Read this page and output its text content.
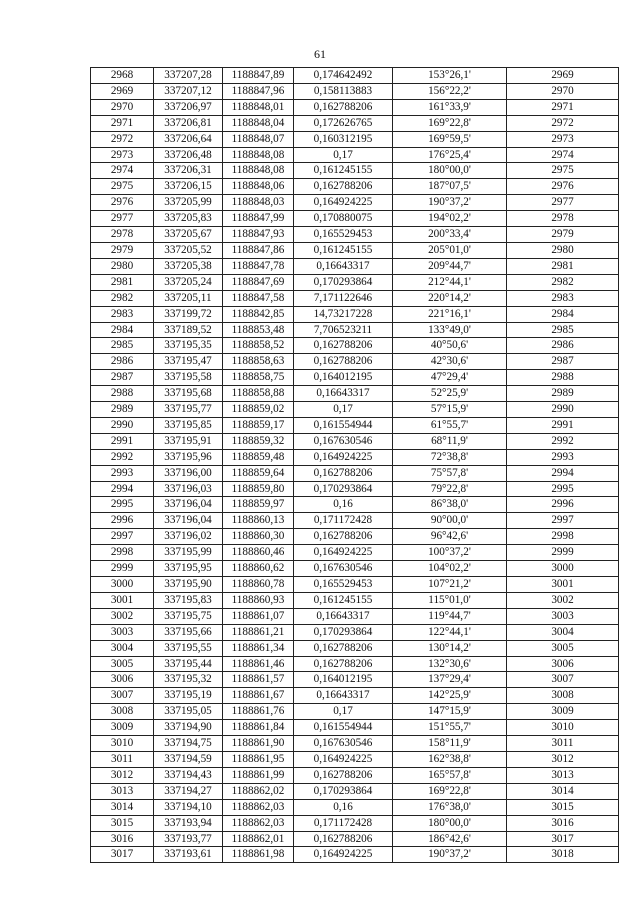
61
2968	337207,28	1188847,89	0,174642492	153°26,1'	2969
2969	337207,12	1188847,96	0,158113883	156°22,2'	2970
2970	337206,97	1188848,01	0,162788206	161°33,9'	2971
2971	337206,81	1188848,04	0,172626765	169°22,8'	2972
2972	337206,64	1188848,07	0,160312195	169°59,5'	2973
2973	337206,48	1188848,08	0,17	176°25,4'	2974
2974	337206,31	1188848,08	0,161245155	180°00,0'	2975
2975	337206,15	1188848,06	0,162788206	187°07,5'	2976
2976	337205,99	1188848,03	0,164924225	190°37,2'	2977
2977	337205,83	1188847,99	0,170880075	194°02,2'	2978
2978	337205,67	1188847,93	0,165529453	200°33,4'	2979
2979	337205,52	1188847,86	0,161245155	205°01,0'	2980
2980	337205,38	1188847,78	0,16643317	209°44,7'	2981
2981	337205,24	1188847,69	0,170293864	212°44,1'	2982
2982	337205,11	1188847,58	7,171122646	220°14,2'	2983
2983	337199,72	1188842,85	14,73217228	221°16,1'	2984
2984	337189,52	1188853,48	7,706523211	133°49,0'	2985
2985	337195,35	1188858,52	0,162788206	40°50,6'	2986
2986	337195,47	1188858,63	0,162788206	42°30,6'	2987
2987	337195,58	1188858,75	0,164012195	47°29,4'	2988
2988	337195,68	1188858,88	0,16643317	52°25,9'	2989
2989	337195,77	1188859,02	0,17	57°15,9'	2990
2990	337195,85	1188859,17	0,161554944	61°55,7'	2991
2991	337195,91	1188859,32	0,167630546	68°11,9'	2992
2992	337195,96	1188859,48	0,164924225	72°38,8'	2993
2993	337196,00	1188859,64	0,162788206	75°57,8'	2994
2994	337196,03	1188859,80	0,170293864	79°22,8'	2995
2995	337196,04	1188859,97	0,16	86°38,0'	2996
2996	337196,04	1188860,13	0,171172428	90°00,0'	2997
2997	337196,02	1188860,30	0,162788206	96°42,6'	2998
2998	337195,99	1188860,46	0,164924225	100°37,2'	2999
2999	337195,95	1188860,62	0,167630546	104°02,2'	3000
3000	337195,90	1188860,78	0,165529453	107°21,2'	3001
3001	337195,83	1188860,93	0,161245155	115°01,0'	3002
3002	337195,75	1188861,07	0,16643317	119°44,7'	3003
3003	337195,66	1188861,21	0,170293864	122°44,1'	3004
3004	337195,55	1188861,34	0,162788206	130°14,2'	3005
3005	337195,44	1188861,46	0,162788206	132°30,6'	3006
3006	337195,32	1188861,57	0,164012195	137°29,4'	3007
3007	337195,19	1188861,67	0,16643317	142°25,9'	3008
3008	337195,05	1188861,76	0,17	147°15,9'	3009
3009	337194,90	1188861,84	0,161554944	151°55,7'	3010
3010	337194,75	1188861,90	0,167630546	158°11,9'	3011
3011	337194,59	1188861,95	0,164924225	162°38,8'	3012
3012	337194,43	1188861,99	0,162788206	165°57,8'	3013
3013	337194,27	1188862,02	0,170293864	169°22,8'	3014
3014	337194,10	1188862,03	0,16	176°38,0'	3015
3015	337193,94	1188862,03	0,171172428	180°00,0'	3016
3016	337193,77	1188862,01	0,162788206	186°42,6'	3017
3017	337193,61	1188861,98	0,164924225	190°37,2'	3018
